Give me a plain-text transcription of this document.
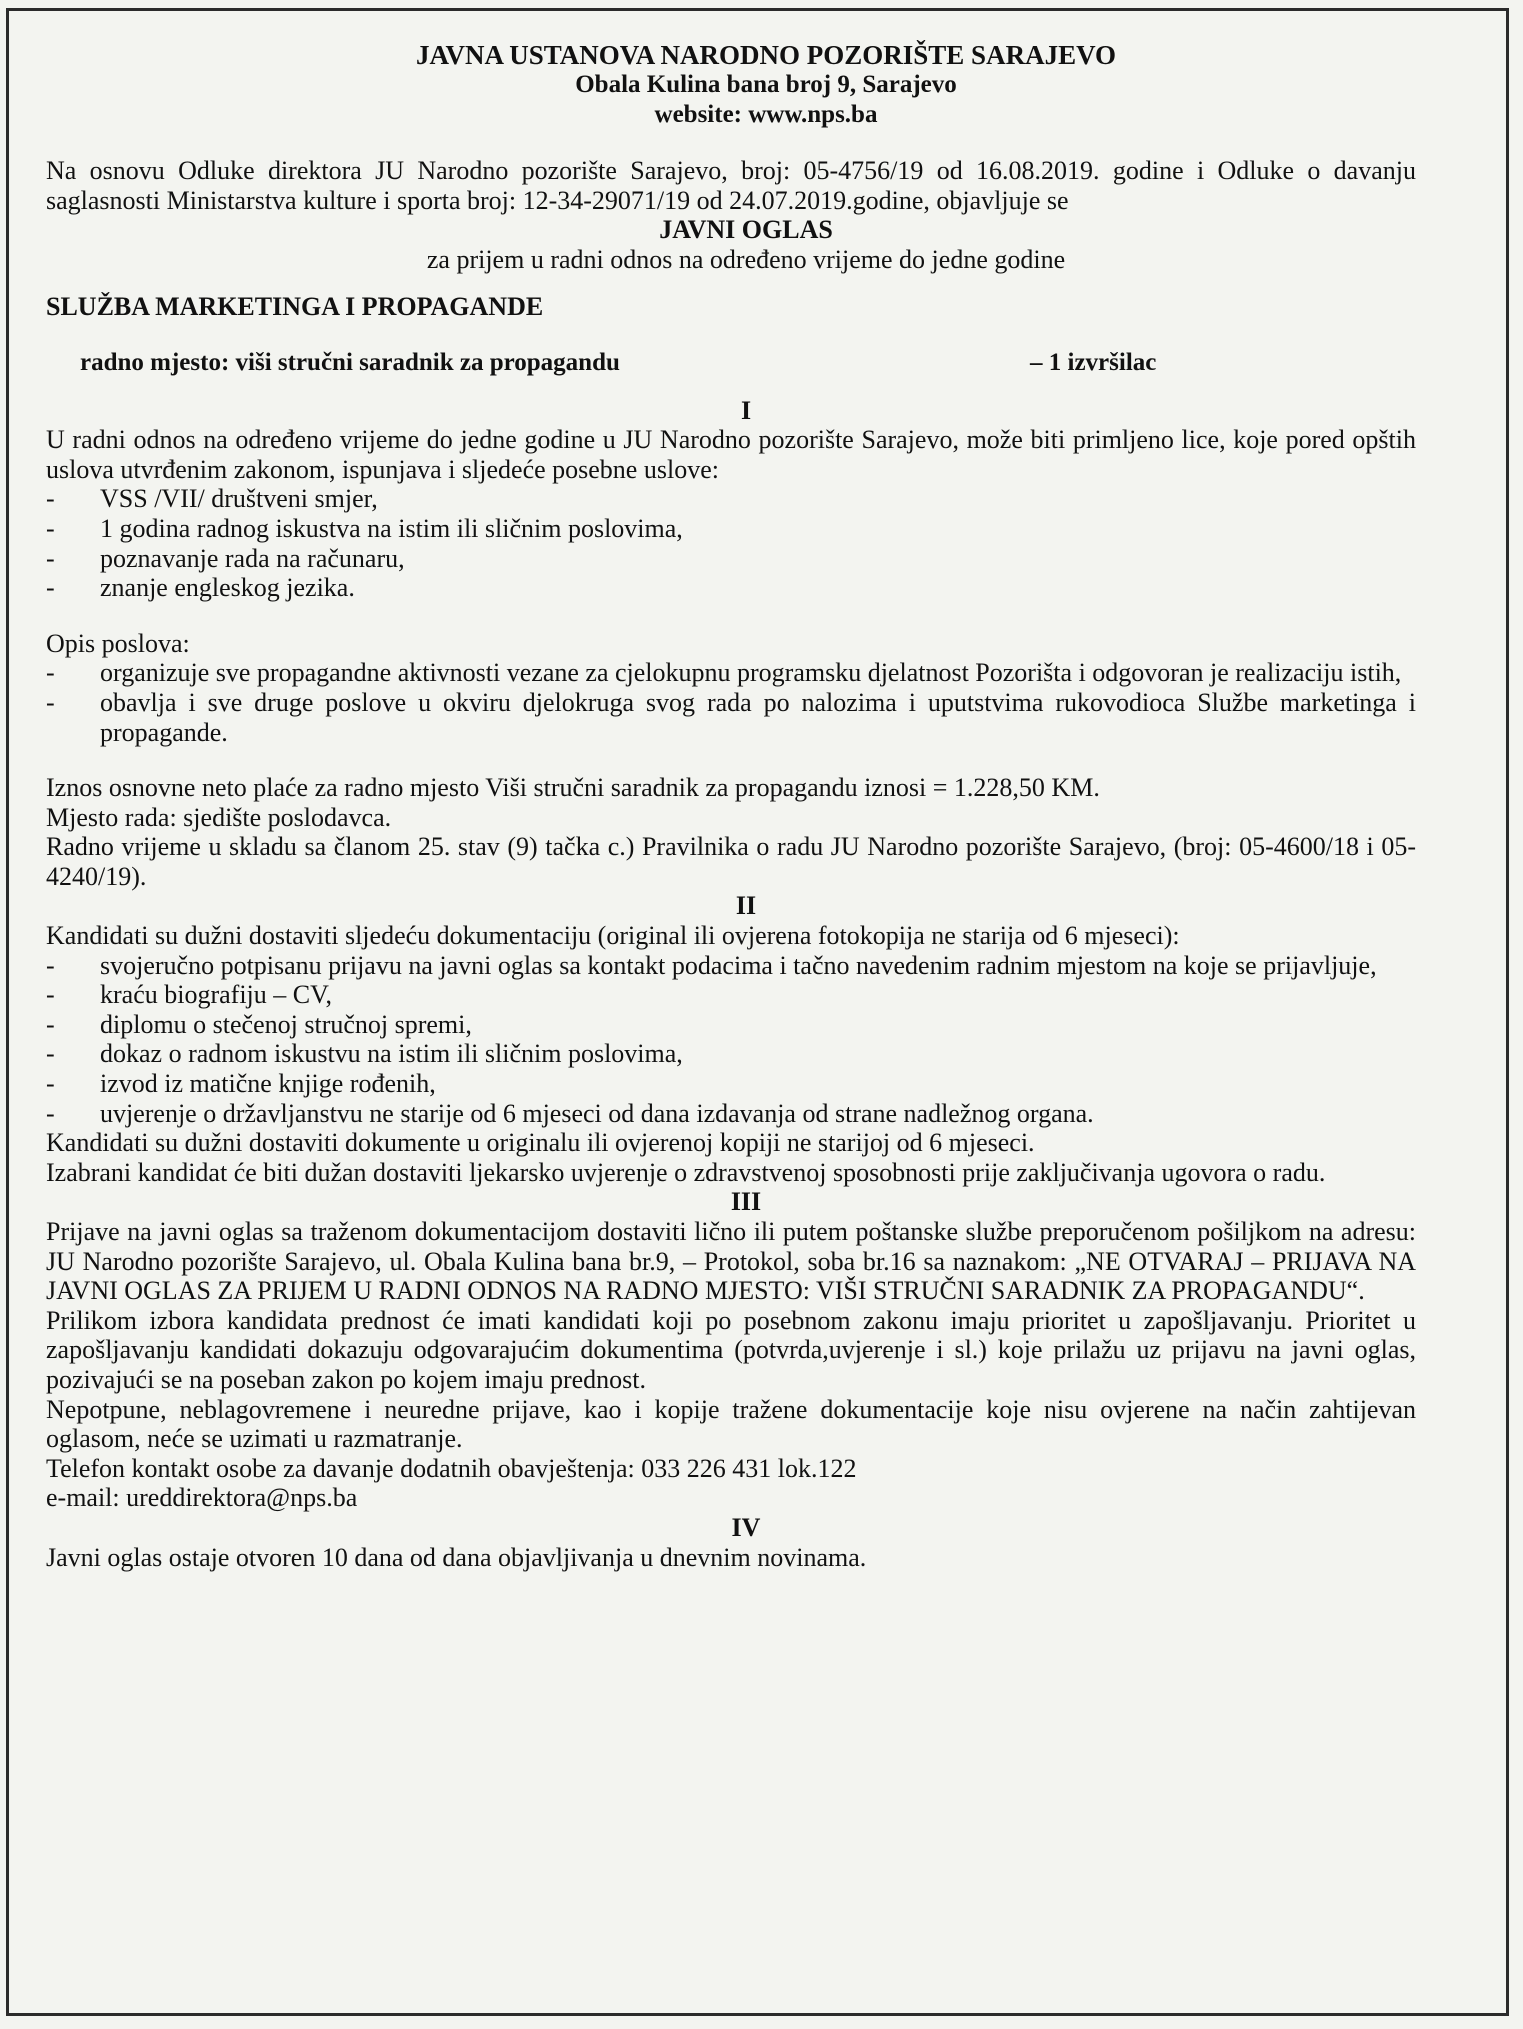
JAVNA USTANOVA NARODNO POZORIŠTE SARAJEVO
Obala Kulina bana broj 9, Sarajevo
website: www.nps.ba

Na osnovu Odluke direktora JU Narodno pozorište Sarajevo, broj: 05-4756/19 od 16.08.2019. godine i Odluke o davanju saglasnosti Ministarstva kulture i sporta broj: 12-34-29071/19 od 24.07.2019.godine, objavljuje se

JAVNI OGLAS
za prijem u radni odnos na određeno vrijeme do jedne godine
SLUŽBA MARKETINGA I PROPAGANDE
radno mjesto: viši stručni saradnik za propagandu	– 1 izvršilac
I

U radni odnos na određeno vrijeme do jedne godine u JU Narodno pozorište Sarajevo, može biti primljeno lice, koje pored opštih uslova utvrđenim zakonom, ispunjava i sljedeće posebne uslove:

-	VSS /VII/ društveni smjer,
-	1 godina radnog iskustva na istim ili sličnim poslovima,
-	poznavanje rada na računaru,
-	znanje engleskog jezika.
Opis poslova:
-	organizuje sve propagandne aktivnosti vezane za cjelokupnu programsku djelatnost Pozorišta i odgovoran je realizaciju istih,
-	obavlja i sve druge poslove u okviru djelokruga svog rada po nalozima i uputstvima rukovodioca Službe marketinga i propagande.

Iznos osnovne neto plaće za radno mjesto Viši stručni saradnik za propagandu iznosi = 1.228,50 KM.

Mjesto rada: sjedište poslodavca.

Radno vrijeme u skladu sa članom 25. stav (9) tačka c.) Pravilnika o radu JU Narodno pozorište Sarajevo, (broj: 05-4600/18 i 05-4240/19).

II

Kandidati su dužni dostaviti sljedeću dokumentaciju (original ili ovjerena fotokopija ne starija od 6 mjeseci):

-	svojeručno potpisanu prijavu na javni oglas sa kontakt podacima i tačno navedenim radnim mjestom na koje se prijavljuje,
-	kraću biografiju – CV,
-	diplomu o stečenoj stručnoj spremi,
-	dokaz o radnom iskustvu na istim ili sličnim poslovima,
-	izvod iz matične knjige rođenih,
-	uvjerenje o državljanstvu ne starije od 6 mjeseci od dana izdavanja od strane nadležnog organa.

Kandidati su dužni dostaviti dokumente u originalu ili ovjerenoj kopiji ne starijoj od 6 mjeseci.

Izabrani kandidat će biti dužan dostaviti ljekarsko uvjerenje o zdravstvenoj sposobnosti prije zaključivanja ugovora o radu.

III

Prijave na javni oglas sa traženom dokumentacijom dostaviti lično ili putem poštanske službe preporučenom pošiljkom na adresu: JU Narodno pozorište Sarajevo, ul. Obala Kulina bana br.9, – Protokol, soba br.16 sa naznakom: „NE OTVARAJ – PRIJAVA NA JAVNI OGLAS ZA PRIJEM U RADNI ODNOS NA RADNO MJESTO: VIŠI STRUČNI SARADNIK ZA PROPAGANDU“.

Prilikom izbora kandidata prednost će imati kandidati koji po posebnom zakonu imaju prioritet u zapošljavanju. Prioritet u zapošljavanju kandidati dokazuju odgovarajućim dokumentima (potvrda,uvjerenje i sl.) koje prilažu uz prijavu na javni oglas, pozivajući se na poseban zakon po kojem imaju prednost.

Nepotpune, neblagovremene i neuredne prijave, kao i kopije tražene dokumentacije koje nisu ovjerene na način zahtijevan oglasom, neće se uzimati u razmatranje.

Telefon kontakt osobe za davanje dodatnih obavještenja: 033 226 431 lok.122

e-mail: ureddirektora@nps.ba

IV

Javni oglas ostaje otvoren 10 dana od dana objavljivanja u dnevnim novinama.
